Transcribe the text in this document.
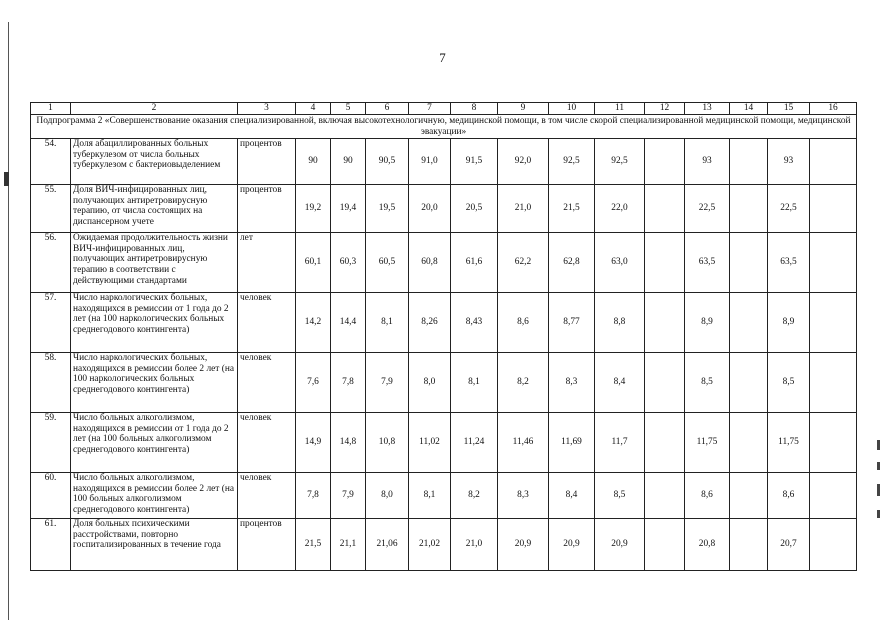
7
1	2	3	4	5	6	7	8	9	10	11	12	13	14	15	16
Подпрограмма 2 «Совершенствование оказания специализированной, включая высокотехнологичную, медицинской помощи, в том числе скорой специализированной медицинской помощи, медицинской эвакуации»															
54.	Доля абациллированных больных туберкулезом от числа больных туберкулезом с бактериовыделением	процентов	90	90	90,5	91,0	91,5	92,0	92,5	92,5		93		93	
55.	Доля ВИЧ-инфицированных лиц, получающих антиретровирусную терапию, от числа состоящих на диспансерном учете	процентов	19,2	19,4	19,5	20,0	20,5	21,0	21,5	22,0		22,5		22,5	
56.	Ожидаемая продолжительность жизни ВИЧ-инфицированных лиц, получающих антиретровирусную терапию в соответствии с действующими стандартами	лет	60,1	60,3	60,5	60,8	61,6	62,2	62,8	63,0		63,5		63,5	
57.	Число наркологических больных, находящихся в ремиссии от 1 года до 2 лет (на 100 наркологических больных среднегодового контингента)	человек	14,2	14,4	8,1	8,26	8,43	8,6	8,77	8,8		8,9		8,9	
58.	Число наркологических больных, находящихся в ремиссии более 2 лет (на 100 наркологических больных среднегодового контингента)	человек	7,6	7,8	7,9	8,0	8,1	8,2	8,3	8,4		8,5		8,5	
59.	Число больных алкоголизмом, находящихся в ремиссии от 1 года до 2 лет (на 100 больных алкоголизмом среднегодового контингента)	человек	14,9	14,8	10,8	11,02	11,24	11,46	11,69	11,7		11,75		11,75	
60.	Число больных алкоголизмом, находящихся в ремиссии более 2 лет (на 100 больных алкоголизмом среднегодового контингента)	человек	7,8	7,9	8,0	8,1	8,2	8,3	8,4	8,5		8,6		8,6	
61.	Доля больных психическими расстройствами, повторно госпитализированных в течение года	процентов	21,5	21,1	21,06	21,02	21,0	20,9	20,9	20,9		20,8		20,7	
